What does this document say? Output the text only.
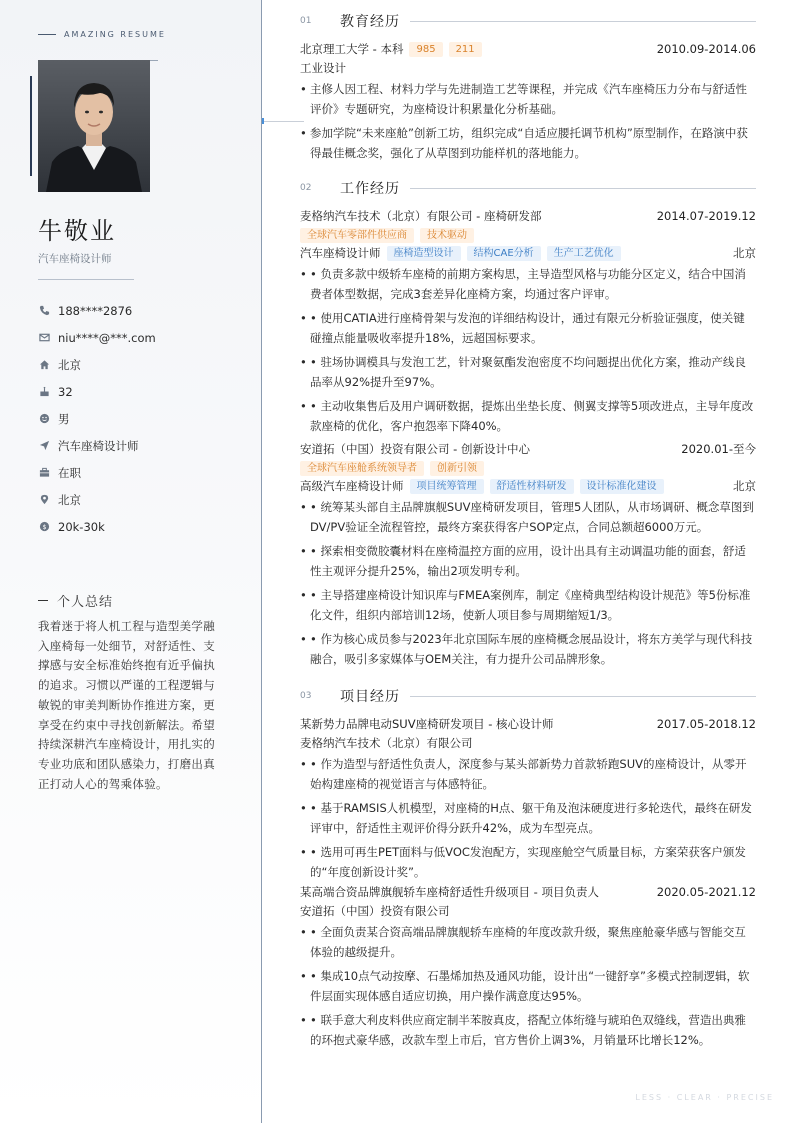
AMAZING RESUME
牛敬业
汽车座椅设计师
188****2876
niu****@***.com
北京
32
男
汽车座椅设计师
在职
北京
$ 20k-30k
个人总结
我着迷于将人机工程与造型美学融入座椅每一处细节，对舒适性、支撑感与安全标准始终抱有近乎偏执的追求。习惯以严谨的工程逻辑与敏锐的审美判断协作推进方案，更享受在约束中寻找创新解法。希望持续深耕汽车座椅设计，用扎实的专业功底和团队感染力，打磨出真正打动人心的驾乘体验。
01	教育经历
北京理工大学 - 本科	985	211	2010.09-2014.06
工业设计
• 主修人因工程、材料力学与先进制造工艺等课程，并完成《汽车座椅压力分布与舒适性评价》专题研究，为座椅设计积累量化分析基础。
• 参加学院“未来座舱”创新工坊，组织完成“自适应腰托调节机构”原型制作，在路演中获得最佳概念奖，强化了从草图到功能样机的落地能力。
02	工作经历
麦格纳汽车技术（北京）有限公司 - 座椅研发部	2014.07-2019.12
全球汽车零部件供应商	技术驱动
汽车座椅设计师	座椅造型设计	结构CAE分析	生产工艺优化	北京
• • 负责多款中级轿车座椅的前期方案构思，主导造型风格与功能分区定义，结合中国消费者体型数据，完成3套差异化座椅方案，均通过客户评审。
• • 使用CATIA进行座椅骨架与发泡的详细结构设计，通过有限元分析验证强度，使关键碰撞点能量吸收率提升18%，远超国标要求。
• • 驻场协调模具与发泡工艺，针对聚氨酯发泡密度不均问题提出优化方案，推动产线良品率从92%提升至97%。
• • 主动收集售后及用户调研数据，提炼出坐垫长度、侧翼支撑等5项改进点，主导年度改款座椅的优化，客户抱怨率下降40%。
安道拓（中国）投资有限公司 - 创新设计中心	2020.01-至今
全球汽车座舱系统领导者	创新引领
高级汽车座椅设计师	项目统筹管理	舒适性材料研发	设计标准化建设	北京
• • 统筹某头部自主品牌旗舰SUV座椅研发项目，管理5人团队，从市场调研、概念草图到DV/PV验证全流程管控，最终方案获得客户SOP定点，合同总额超6000万元。
• • 探索相变微胶囊材料在座椅温控方面的应用，设计出具有主动调温功能的面套，舒适性主观评分提升25%，输出2项发明专利。
• • 主导搭建座椅设计知识库与FMEA案例库，制定《座椅典型结构设计规范》等5份标准化文件，组织内部培训12场，使新人项目参与周期缩短1/3。
• • 作为核心成员参与2023年北京国际车展的座椅概念展品设计，将东方美学与现代科技融合，吸引多家媒体与OEM关注，有力提升公司品牌形象。
03	项目经历
某新势力品牌电动SUV座椅研发项目 - 核心设计师	2017.05-2018.12
麦格纳汽车技术（北京）有限公司
• • 作为造型与舒适性负责人，深度参与某头部新势力首款轿跑SUV的座椅设计，从零开始构建座椅的视觉语言与体感特征。
• • 基于RAMSIS人机模型，对座椅的H点、躯干角及泡沫硬度进行多轮迭代，最终在研发评审中，舒适性主观评价得分跃升42%，成为车型亮点。
• • 选用可再生PET面料与低VOC发泡配方，实现座舱空气质量目标，方案荣获客户颁发的“年度创新设计奖”。
某高端合资品牌旗舰轿车座椅舒适性升级项目 - 项目负责人	2020.05-2021.12
安道拓（中国）投资有限公司
• • 全面负责某合资高端品牌旗舰轿车座椅的年度改款升级，聚焦座舱豪华感与智能交互体验的越级提升。
• • 集成10点气动按摩、石墨烯加热及通风功能，设计出“一键舒享”多模式控制逻辑，软件层面实现体感自适应切换，用户操作满意度达95%。
• • 联手意大利皮料供应商定制半苯胺真皮，搭配立体绗缝与琥珀色双缝线，营造出典雅的环抱式豪华感，改款车型上市后，官方售价上调3%，月销量环比增长12%。
LESS · CLEAR · PRECISE
